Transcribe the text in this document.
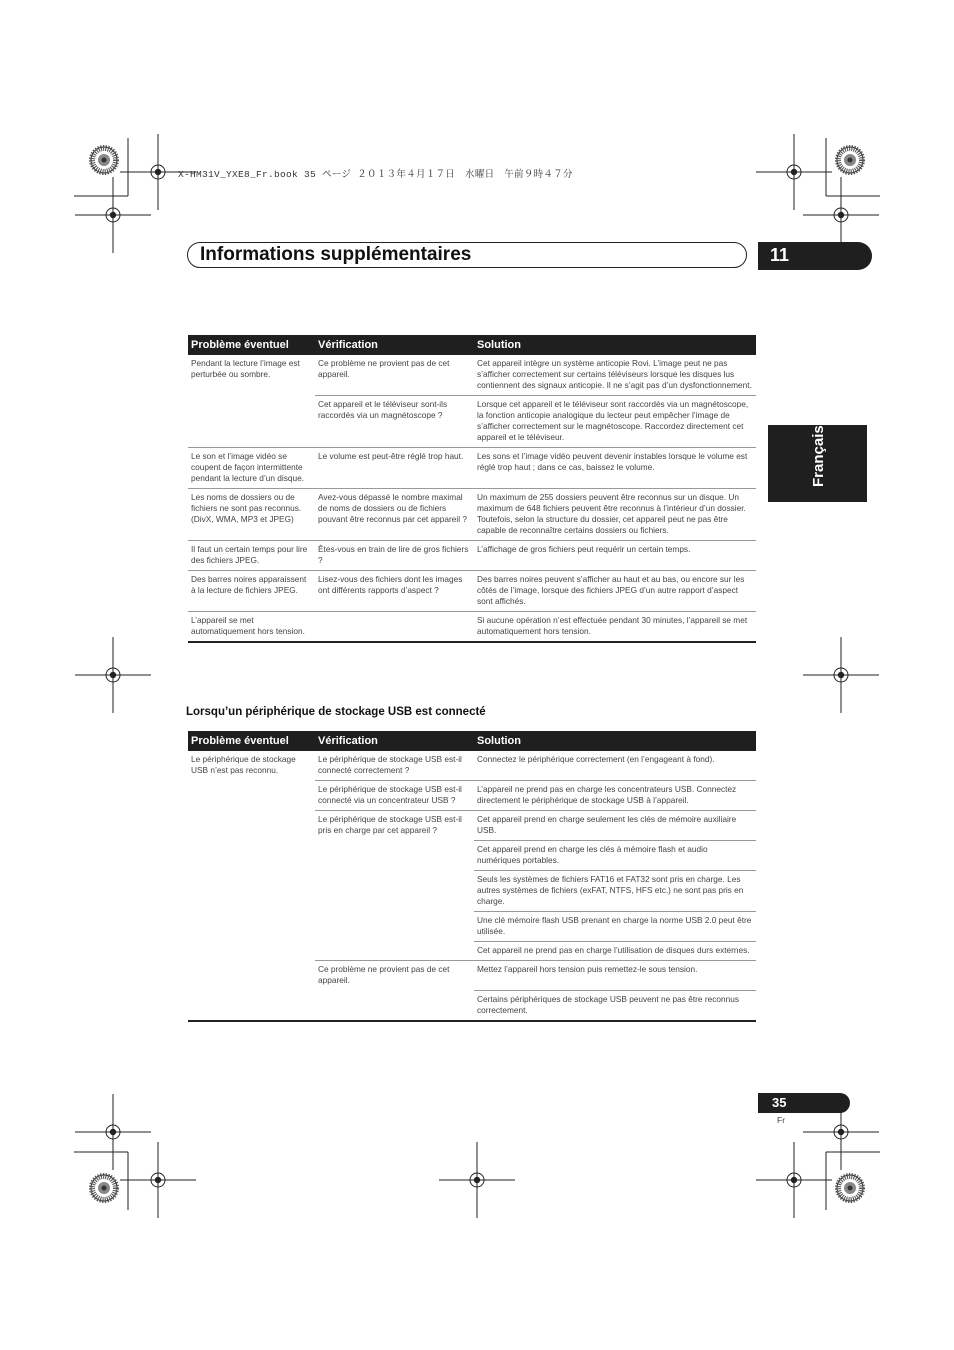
X-HM31V_YXE8_Fr.book 35 ページ ２０１３年４月１７日　水曜日　午前９時４７分
Informations supplémentaires	11
Français
Problème éventuel	Vérification	Solution
Pendant la lecture l’image est perturbée ou sombre.	Ce problème ne provient pas de cet appareil.	Cet appareil intègre un système anticopie Rovi. L’image peut ne pas s’afficher correctement sur certains téléviseurs lorsque les disques lus contiennent des signaux anticopie. Il ne s’agit pas d’un dysfonctionnement.
	Cet appareil et le téléviseur sont-ils raccordés via un magnétoscope ?	Lorsque cet appareil et le téléviseur sont raccordés via un magnétoscope, la fonction anticopie analogique du lecteur peut empêcher l’image de s’afficher correctement sur le magnétoscope. Raccordez directement cet appareil et le téléviseur.
Le son et l’image vidéo se coupent de façon intermittente pendant la lecture d’un disque.	Le volume est peut-être réglé trop haut.	Les sons et l’image vidéo peuvent devenir instables lorsque le volume est réglé trop haut ; dans ce cas, baissez le volume.
Les noms de dossiers ou de fichiers ne sont pas reconnus. (DivX, WMA, MP3 et JPEG)	Avez-vous dépassé le nombre maximal de noms de dossiers ou de fichiers pouvant être reconnus par cet appareil ?	Un maximum de 255 dossiers peuvent être reconnus sur un disque. Un maximum de 648 fichiers peuvent être reconnus à l’intérieur d’un dossier. Toutefois, selon la structure du dossier, cet appareil peut ne pas être capable de reconnaître certains dossiers ou fichiers.
Il faut un certain temps pour lire des fichiers JPEG.	Êtes-vous en train de lire de gros fichiers ?	L’affichage de gros fichiers peut requérir un certain temps.
Des barres noires apparaissent à la lecture de fichiers JPEG.	Lisez-vous des fichiers dont les images ont différents rapports d’aspect ?	Des barres noires peuvent s’afficher au haut et au bas, ou encore sur les côtés de l’image, lorsque des fichiers JPEG d’un autre rapport d’aspect sont affichés.
L’appareil se met automatiquement hors tension.		Si aucune opération n’est effectuée pendant 30 minutes, l’appareil se met automatiquement hors tension.
Lorsqu’un périphérique de stockage USB est connecté
Problème éventuel	Vérification	Solution
Le périphérique de stockage USB n’est pas reconnu.	Le périphérique de stockage USB est-il connecté correctement ?	Connectez le périphérique correctement (en l’engageant à fond).
	Le périphérique de stockage USB est-il connecté via un concentrateur USB ?	L’appareil ne prend pas en charge les concentrateurs USB. Connectez directement le périphérique de stockage USB à l’appareil.
	Le périphérique de stockage USB est-il pris en charge par cet appareil ?	Cet appareil prend en charge seulement les clés de mémoire auxiliaire USB.
		Cet appareil prend en charge les clés à mémoire flash et audio numériques portables.
		Seuls les systèmes de fichiers FAT16 et FAT32 sont pris en charge. Les autres systèmes de fichiers (exFAT, NTFS, HFS etc.) ne sont pas pris en charge.
		Une clé mémoire flash USB prenant en charge la norme USB 2.0 peut être utilisée.
		Cet appareil ne prend pas en charge l’utilisation de disques durs externes.
	Ce problème ne provient pas de cet appareil.	Mettez l’appareil hors tension puis remettez-le sous tension.
		Certains périphériques de stockage USB peuvent ne pas être reconnus correctement.
35
Fr
